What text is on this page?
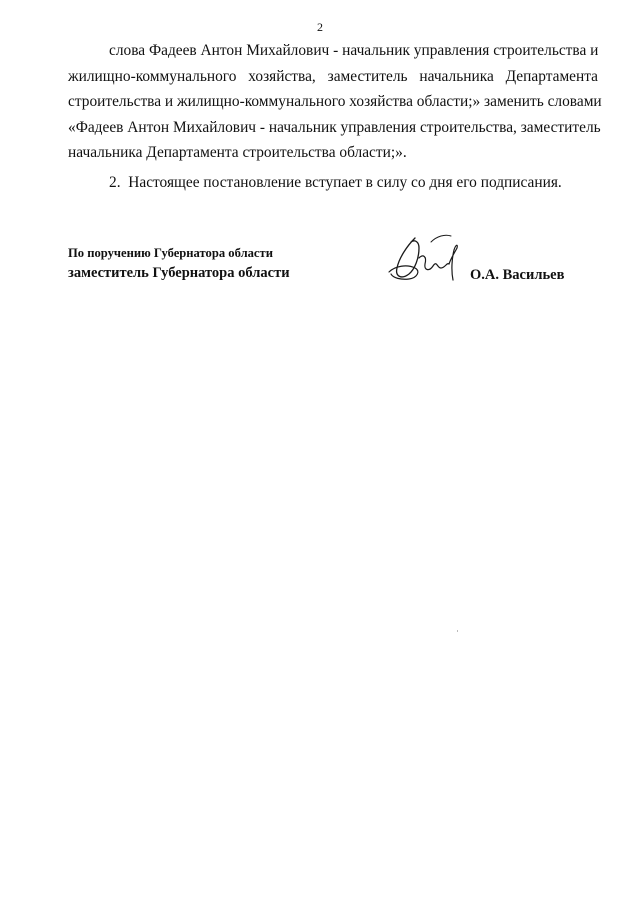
2
слова Фадеев Антон Михайлович - начальник управления строительства и
жилищно-коммунального хозяйства, заместитель начальника Департамента
строительства и жилищно-коммунального хозяйства области;» заменить словами
«Фадеев Антон Михайлович - начальник управления строительства, заместитель
начальника Департамента строительства области;».
2. Настоящее постановление вступает в силу со дня его подписания.
По поручению Губернатора области
заместитель Губернатора области	О.А. Васильев
